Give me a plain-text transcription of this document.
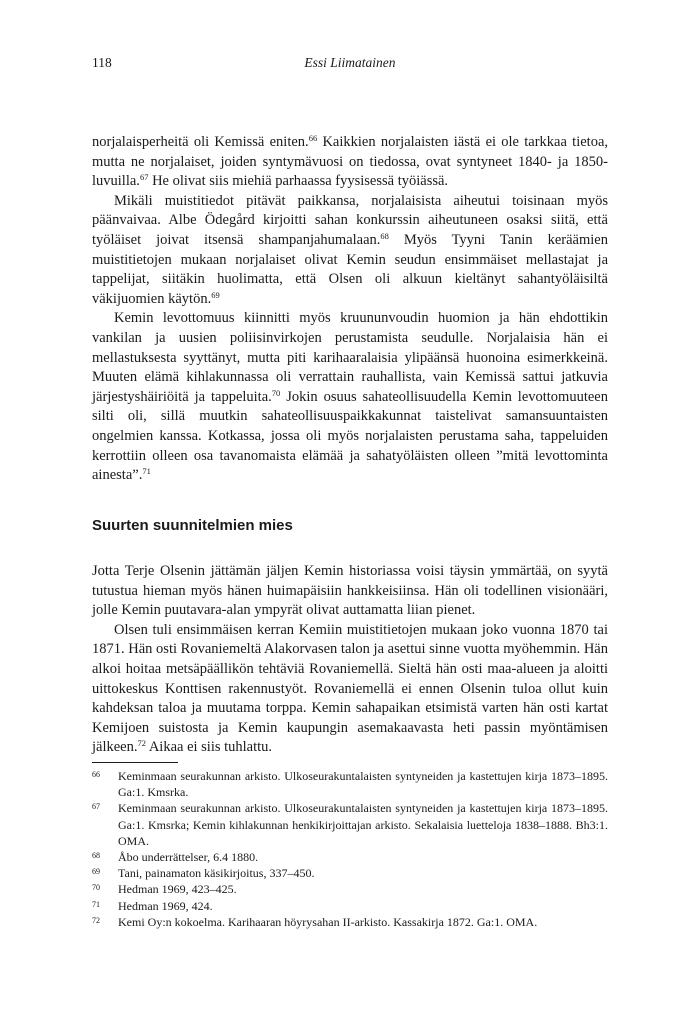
118	Essi Liimatainen

norjalaisperheitä oli Kemissä eniten.$^{66}$ Kaikkien norjalaisten iästä ei ole tarkkaa tietoa, mutta ne norjalaiset, joiden syntymävuosi on tiedossa, ovat syntyneet 1840- ja 1850-luvuilla.$^{67}$ He olivat siis miehiä parhaassa fyysisessä työiässä.

Mikäli muistitiedot pitävät paikkansa, norjalaisista aiheutui toisinaan myös päänvaivaa. Albe Ödegård kirjoitti sahan konkurssin aiheutuneen osaksi siitä, että työläiset joivat itsensä shampanjahumalaan.$^{68}$ Myös Tyyni Tanin keräämien muistitietojen mukaan norjalaiset olivat Kemin seudun ensimmäiset mellastajat ja tappelijat, siitäkin huolimatta, että Olsen oli alkuun kieltänyt sahantyöläisiltä väkijuomien käytön.$^{69}$

Kemin levottomuus kiinnitti myös kruununvoudin huomion ja hän ehdottikin vankilan ja uusien poliisinvirkojen perustamista seudulle. Norjalaisia hän ei mellastuksesta syyttänyt, mutta piti karihaaralaisia ylipäänsä huonoina esimerkkeinä. Muuten elämä kihlakunnassa oli verrattain rauhallista, vain Kemissä sattui jatkuvia järjestyshäiriöitä ja tappeluita.$^{70}$ Jokin osuus sahateollisuudella Kemin levottomuuteen silti oli, sillä muutkin sahateollisuuspaikkakunnat taistelivat samansuuntaisten ongelmien kanssa. Kotkassa, jossa oli myös norjalaisten perustama saha, tappeluiden kerrottiin olleen osa tavanomaista elämää ja sahatyöläisten olleen ”mitä levottominta ainesta”.$^{71}$

Suurten suunnitelmien mies

Jotta Terje Olsenin jättämän jäljen Kemin historiassa voisi täysin ymmärtää, on syytä tutustua hieman myös hänen huimapäisiin hankkeisiinsa. Hän oli todellinen visionääri, jolle Kemin puutavara-alan ympyrät olivat auttamatta liian pienet.

Olsen tuli ensimmäisen kerran Kemiin muistitietojen mukaan joko vuonna 1870 tai 1871. Hän osti Rovaniemeltä Alakorvasen talon ja asettui sinne vuotta myöhemmin. Hän alkoi hoitaa metsäpäällikön tehtäviä Rovaniemellä. Sieltä hän osti maa-alueen ja aloitti uittokeskus Konttisen rakennustyöt. Rovaniemellä ei ennen Olsenin tuloa ollut kuin kahdeksan taloa ja muutama torppa. Kemin sahapaikan etsimistä varten hän osti kartat Kemijoen suistosta ja Kemin kaupungin asemakaavasta heti passin myöntämisen jälkeen.$^{72}$ Aikaa ei siis tuhlattu.

66 Keminmaan seurakunnan arkisto. Ulkoseurakuntalaisten syntyneiden ja kastettujen kirja 1873–1895. Ga:1. Kmsrka.
67 Keminmaan seurakunnan arkisto. Ulkoseurakuntalaisten syntyneiden ja kastettujen kirja 1873–1895. Ga:1. Kmsrka; Kemin kihlakunnan henkikirjoittajan arkisto. Sekalaisia luetteloja 1838–1888. Bh3:1. OMA.
68 Åbo underrättelser, 6.4 1880.
69 Tani, painamaton käsikirjoitus, 337–450.
70 Hedman 1969, 423–425.
71 Hedman 1969, 424.
72 Kemi Oy:n kokoelma. Karihaaran höyrysahan II-arkisto. Kassakirja 1872. Ga:1. OMA.
